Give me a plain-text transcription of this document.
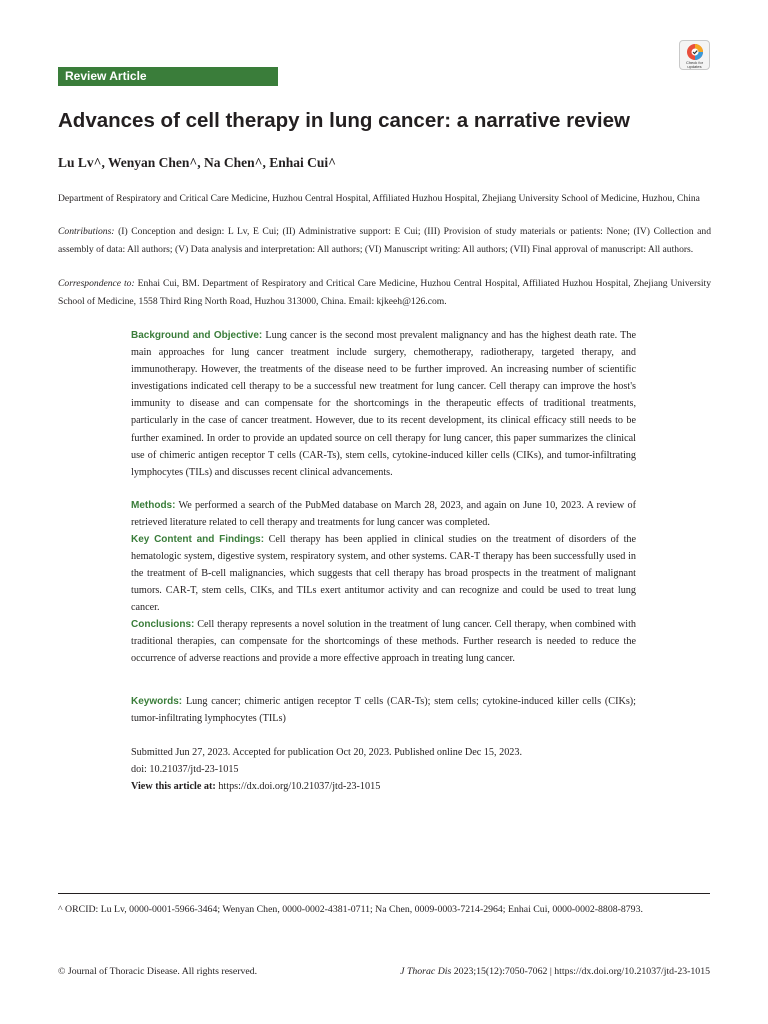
Review Article
Check for updates
Advances of cell therapy in lung cancer: a narrative review
Lu Lv^, Wenyan Chen^, Na Chen^, Enhai Cui^
Department of Respiratory and Critical Care Medicine, Huzhou Central Hospital, Affiliated Huzhou Hospital, Zhejiang University School of Medicine, Huzhou, China
Contributions: (I) Conception and design: L Lv, E Cui; (II) Administrative support: E Cui; (III) Provision of study materials or patients: None; (IV) Collection and assembly of data: All authors; (V) Data analysis and interpretation: All authors; (VI) Manuscript writing: All authors; (VII) Final approval of manuscript: All authors.
Correspondence to: Enhai Cui, BM. Department of Respiratory and Critical Care Medicine, Huzhou Central Hospital, Affiliated Huzhou Hospital, Zhejiang University School of Medicine, 1558 Third Ring North Road, Huzhou 313000, China. Email: kjkeeh@126.com.
Background and Objective: Lung cancer is the second most prevalent malignancy and has the highest death rate. The main approaches for lung cancer treatment include surgery, chemotherapy, radiotherapy, targeted therapy, and immunotherapy. However, the treatments of the disease need to be further improved. An increasing number of scientific investigations indicated cell therapy to be a successful new treatment for lung cancer. Cell therapy can improve the host's immunity to disease and can compensate for the shortcomings in the therapeutic effects of traditional treatments, particularly in the case of cancer treatment. However, due to its recent development, its clinical efficacy still needs to be further examined. In order to provide an updated source on cell therapy for lung cancer, this paper summarizes the clinical use of chimeric antigen receptor T cells (CAR-Ts), stem cells, cytokine-induced killer cells (CIKs), and tumor-infiltrating lymphocytes (TILs) and discusses recent clinical advancements.
Methods: We performed a search of the PubMed database on March 28, 2023, and again on June 10, 2023. A review of retrieved literature related to cell therapy and treatments for lung cancer was completed.
Key Content and Findings: Cell therapy has been applied in clinical studies on the treatment of disorders of the hematologic system, digestive system, respiratory system, and other systems. CAR-T therapy has been successfully used in the treatment of B-cell malignancies, which suggests that cell therapy has broad prospects in the treatment of malignant tumors. CAR-T, stem cells, CIKs, and TILs exert antitumor activity and can recognize and could be used to treat lung cancer.
Conclusions: Cell therapy represents a novel solution in the treatment of lung cancer. Cell therapy, when combined with traditional therapies, can compensate for the shortcomings of these methods. Further research is needed to reduce the occurrence of adverse reactions and provide a more effective approach in treating lung cancer.
Keywords: Lung cancer; chimeric antigen receptor T cells (CAR-Ts); stem cells; cytokine-induced killer cells (CIKs); tumor-infiltrating lymphocytes (TILs)
Submitted Jun 27, 2023. Accepted for publication Oct 20, 2023. Published online Dec 15, 2023.
doi: 10.21037/jtd-23-1015
View this article at: https://dx.doi.org/10.21037/jtd-23-1015
^ ORCID: Lu Lv, 0000-0001-5966-3464; Wenyan Chen, 0000-0002-4381-0711; Na Chen, 0009-0003-7214-2964; Enhai Cui, 0000-0002-8808-8793.
© Journal of Thoracic Disease. All rights reserved.	J Thorac Dis 2023;15(12):7050-7062 | https://dx.doi.org/10.21037/jtd-23-1015
